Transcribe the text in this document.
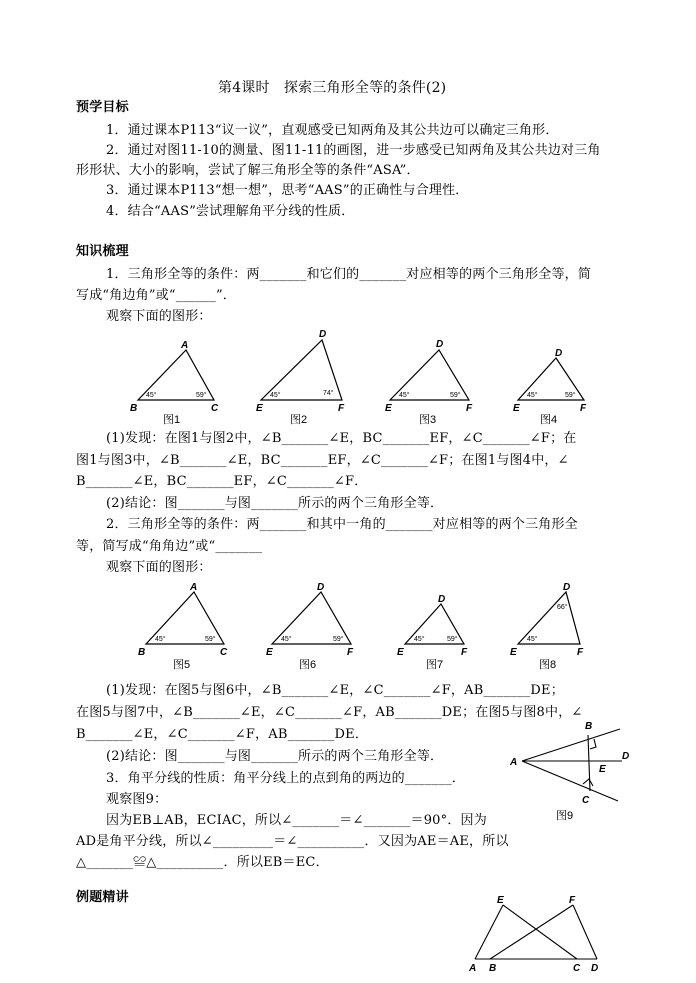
第4课时　探索三角形全等的条件(2)
预学目标
1．通过课本P113“议一议”，直观感受已知两角及其公共边可以确定三角形．
2．通过对图11-10的测量、图11-11的画图，进一步感受已知两角及其公共边对三角
形形状、大小的影响，尝试了解三角形全等的条件“ASA”．
3．通过课本P113“想一想”，思考“AAS”的正确性与合理性．
4．结合“AAS”尝试理解角平分线的性质．
知识梳理
1．三角形全等的条件：两_______和它们的_______对应相等的两个三角形全等，简
写成“角边角”或“______”．
观察下面的图形：
A
B	C
D
E	F
D
E	F
D
E	F
45°	59°	45°	74°	45°	59°	45°	59°
图1	图2	图3	图4
(1)发现：在图1与图2中，∠B_______∠E，BC_______EF，∠C_______∠F；在
图1与图3中，∠B_______∠E，BC_______EF，∠C_______∠F；在图1与图4中，∠
B_______∠E，BC_______EF，∠C_______∠F．
(2)结论：图_______与图_______所示的两个三角形全等．
2．三角形全等的条件：两_______和其中一角的_______对应相等的两个三角形全
等，简写成“角角边”或“_______
观察下面的图形：
A
B	C
D
E	F
D
E	F
D
E	F
45°	59°	45°	59°	45°	59°	45°
66°
图5	图6	图7	图8
(1)发现：在图5与图6中，∠B_______∠E，∠C_______∠F，AB_______DE；
在图5与图7中，∠B_______∠E，∠C_______∠F，AB_______DE；在图5与图8中，∠
B_______∠E，∠C_______∠F，AB_______DE．
(2)结论：图_______与图_______所示的两个三角形全等．
3．角平分线的性质：角平分线上的点到角的两边的_______．
观察图9：
因为EB⊥AB，ECIAC，所以∠_______＝∠_______＝90°．因为
AD是角平分线，所以∠_________＝∠__________．又因为AE＝AE，所以
△_______≌△__________．所以EB＝EC．
A
B
C
D
E
图9
例题精讲	E	F
A B	C D
